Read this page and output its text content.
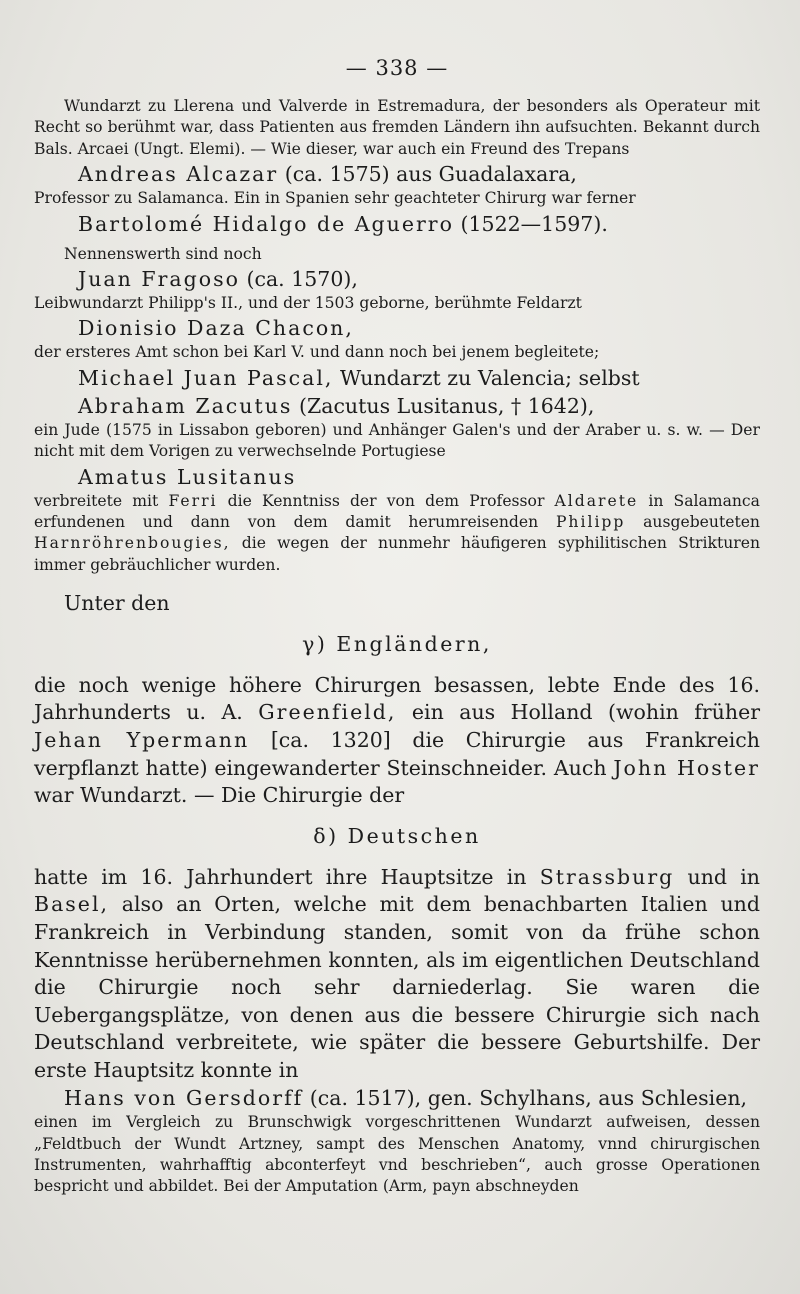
— 338 —

Wundarzt zu Llerena und Valverde in Estremadura, der besonders als Operateur mit Recht so berühmt war, dass Patienten aus fremden Ländern ihn aufsuchten. Bekannt durch Bals. Arcaei (Ungt. Elemi). — Wie dieser, war auch ein Freund des Trepans

Andreas Alcazar (ca. 1575) aus Guadalaxara,

Professor zu Salamanca. Ein in Spanien sehr geachteter Chirurg war ferner

Bartolomé Hidalgo de Aguerro (1522—1597).

Nennenswerth sind noch

Juan Fragoso (ca. 1570),

Leibwundarzt Philipp's II., und der 1503 geborne, berühmte Feldarzt

Dionisio Daza Chacon,

der ersteres Amt schon bei Karl V. und dann noch bei jenem begleitete;

Michael Juan Pascal, Wundarzt zu Valencia; selbst

Abraham Zacutus (Zacutus Lusitanus, † 1642),

ein Jude (1575 in Lissabon geboren) und Anhänger Galen's und der Araber u. s. w. — Der nicht mit dem Vorigen zu verwechselnde Portugiese

Amatus Lusitanus

verbreitete mit Ferri die Kenntniss der von dem Professor Aldarete in Salamanca erfundenen und dann von dem damit herumreisenden Philipp ausgebeuteten Harnröhrenbougies, die wegen der nunmehr häufigeren syphilitischen Strikturen immer gebräuchlicher wurden.

Unter den

γ) Engländern,

die noch wenige höhere Chirurgen besassen, lebte Ende des 16. Jahrhunderts u. A. Greenfield, ein aus Holland (wohin früher Jehan Ypermann [ca. 1320] die Chirurgie aus Frankreich verpflanzt hatte) eingewanderter Steinschneider. Auch John Hoster war Wundarzt. — Die Chirurgie der

δ) Deutschen

hatte im 16. Jahrhundert ihre Hauptsitze in Strassburg und in Basel, also an Orten, welche mit dem benachbarten Italien und Frankreich in Verbindung standen, somit von da frühe schon Kenntnisse herübernehmen konnten, als im eigentlichen Deutschland die Chirurgie noch sehr darniederlag. Sie waren die Uebergangsplätze, von denen aus die bessere Chirurgie sich nach Deutschland verbreitete, wie später die bessere Geburtshilfe. Der erste Hauptsitz konnte in

Hans von Gersdorff (ca. 1517), gen. Schylhans, aus Schlesien,

einen im Vergleich zu Brunschwigk vorgeschrittenen Wundarzt aufweisen, dessen „Feldtbuch der Wundt Artzney, sampt des Menschen Anatomy, vnnd chirurgischen Instrumenten, wahrhafftig abconterfeyt vnd beschrieben“, auch grosse Operationen bespricht und abbildet. Bei der Amputation (Arm, payn abschneyden
